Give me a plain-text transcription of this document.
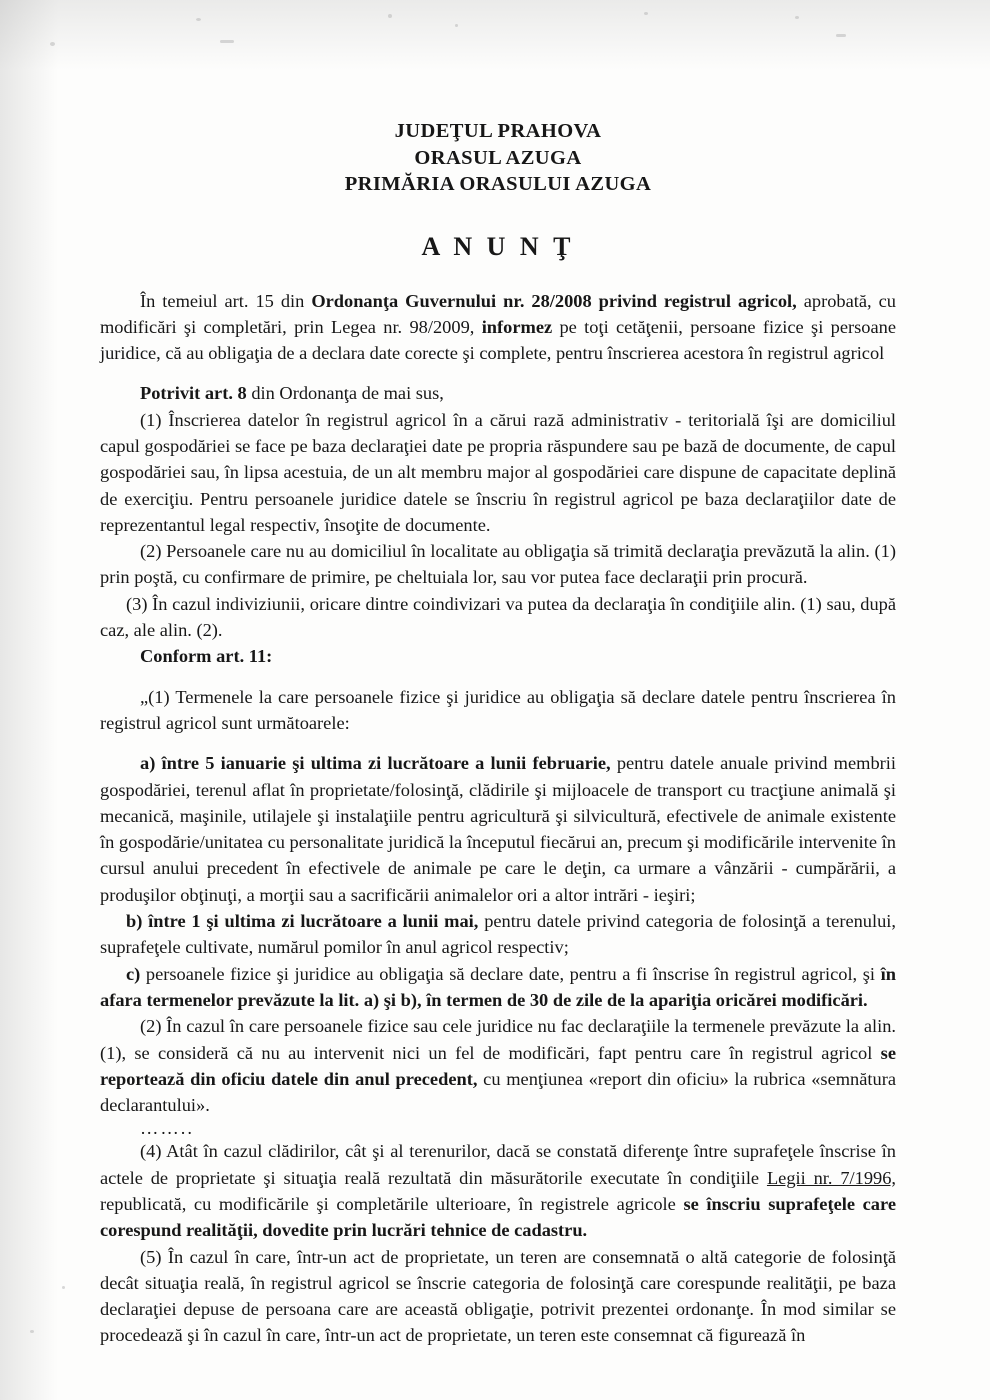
JUDEŢUL PRAHOVA
ORASUL AZUGA
PRIMĂRIA ORASULUI AZUGA
A N U N Ţ

În temeiul art. 15 din Ordonanţa Guvernului nr. 28/2008 privind registrul agricol, aprobată, cu modificări şi completări, prin Legea nr. 98/2009, informez pe toţi cetăţenii, persoane fizice şi persoane juridice, că au obligaţia de a declara date corecte şi complete, pentru înscrierea acestora în registrul agricol

Potrivit art. 8 din Ordonanţa de mai sus,

(1) Înscrierea datelor în registrul agricol în a cărui rază administrativ - teritorială îşi are domiciliul capul gospodăriei se face pe baza declaraţiei date pe propria răspundere sau pe bază de documente, de capul gospodăriei sau, în lipsa acestuia, de un alt membru major al gospodăriei care dispune de capacitate deplină de exerciţiu. Pentru persoanele juridice datele se înscriu în registrul agricol pe baza declaraţiilor date de reprezentantul legal respectiv, însoţite de documente.

(2) Persoanele care nu au domiciliul în localitate au obligaţia să trimită declaraţia prevăzută la alin. (1) prin poştă, cu confirmare de primire, pe cheltuiala lor, sau vor putea face declaraţii prin procură.

(3) În cazul indiviziunii, oricare dintre coindivizari va putea da declaraţia în condiţiile alin. (1) sau, după caz, ale alin. (2).

Conform art. 11:

„(1) Termenele la care persoanele fizice şi juridice au obligaţia să declare datele pentru înscrierea în registrul agricol sunt următoarele:

a) între 5 ianuarie şi ultima zi lucrătoare a lunii februarie, pentru datele anuale privind membrii gospodăriei, terenul aflat în proprietate/folosinţă, clădirile şi mijloacele de transport cu tracţiune animală şi mecanică, maşinile, utilajele şi instalaţiile pentru agricultură şi silvicultură, efectivele de animale existente în gospodărie/unitatea cu personalitate juridică la începutul fiecărui an, precum şi modificările intervenite în cursul anului precedent în efectivele de animale pe care le deţin, ca urmare a vânzării - cumpărării, a produşilor obţinuţi, a morţii sau a sacrificării animalelor ori a altor intrări - ieşiri;

b) între 1 şi ultima zi lucrătoare a lunii mai, pentru datele privind categoria de folosinţă a terenului, suprafeţele cultivate, numărul pomilor în anul agricol respectiv;

c) persoanele fizice şi juridice au obligaţia să declare date, pentru a fi înscrise în registrul agricol, şi în afara termenelor prevăzute la lit. a) şi b), în termen de 30 de zile de la apariţia oricărei modificări.

(2) În cazul în care persoanele fizice sau cele juridice nu fac declaraţiile la termenele prevăzute la alin. (1), se consideră că nu au intervenit nici un fel de modificări, fapt pentru care în registrul agricol se reportează din oficiu datele din anul precedent, cu menţiunea «report din oficiu» la rubrica «semnătura declarantului».

……..

(4) Atât în cazul clădirilor, cât şi al terenurilor, dacă se constată diferenţe între suprafeţele înscrise în actele de proprietate şi situaţia reală rezultată din măsurătorile executate în condiţiile Legii nr. 7/1996, republicată, cu modificările şi completările ulterioare, în registrele agricole se înscriu suprafeţele care corespund realităţii, dovedite prin lucrări tehnice de cadastru.

(5) În cazul în care, într-un act de proprietate, un teren are consemnată o altă categorie de folosinţă decât situaţia reală, în registrul agricol se înscrie categoria de folosinţă care corespunde realităţii, pe baza declaraţiei depuse de persoana care are această obligaţie, potrivit prezentei ordonanţe. În mod similar se procedează şi în cazul în care, într-un act de proprietate, un teren este consemnat că figurează în
